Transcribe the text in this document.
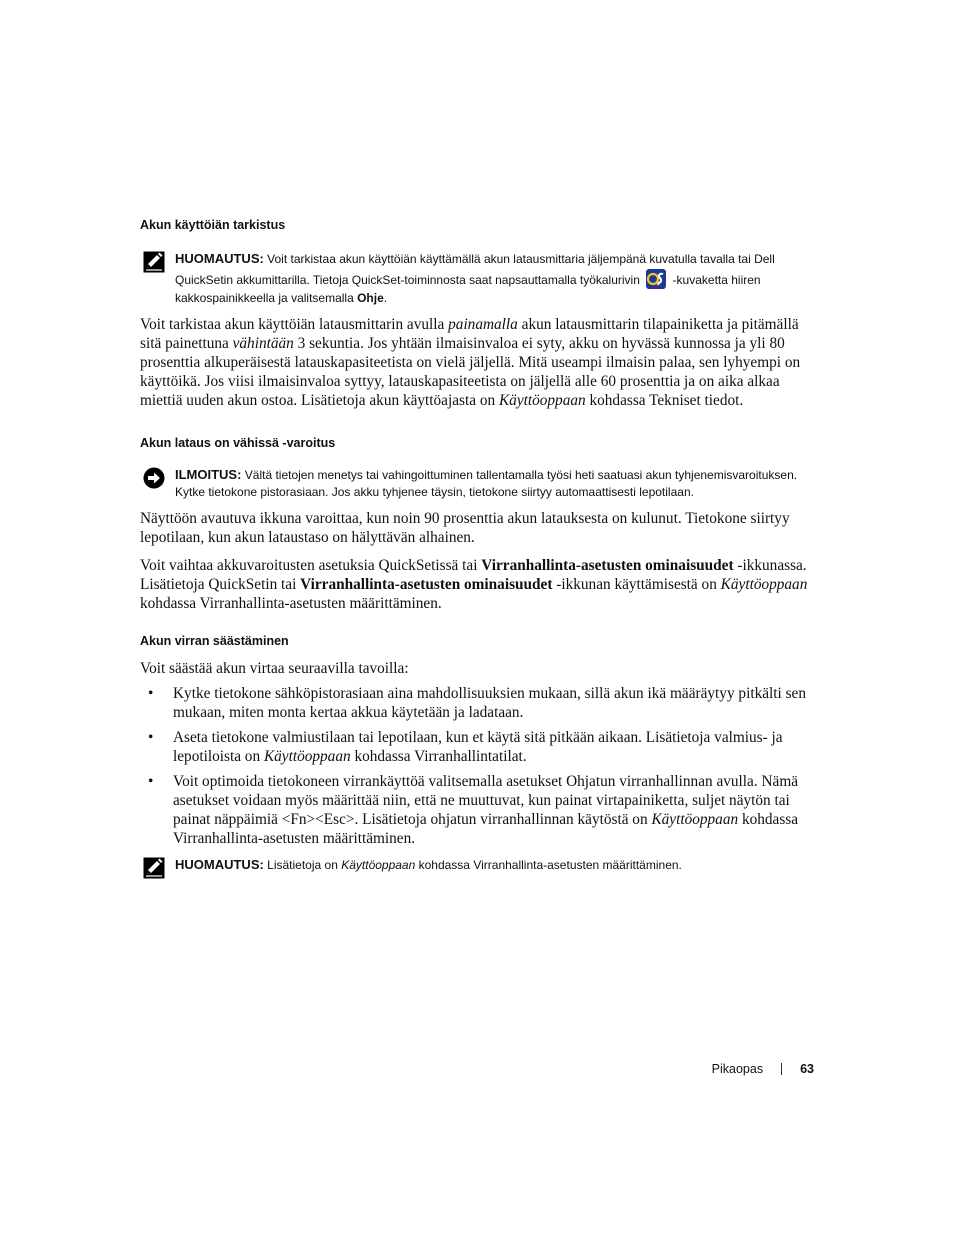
Akun käyttöiän tarkistus
HUOMAUTUS: Voit tarkistaa akun käyttöiän käyttämällä akun latausmittaria jäljempänä kuvatulla tavalla tai Dell QuickSetin akkumittarilla. Tietoja QuickSet-toiminnosta saat napsauttamalla työkalurivin  -kuvaketta hiiren kakkospainikkeella ja valitsemalla Ohje.

Voit tarkistaa akun käyttöiän latausmittarin avulla painamalla akun latausmittarin tilapainiketta ja pitämällä sitä painettuna vähintään 3 sekuntia. Jos yhtään ilmaisinvaloa ei syty, akku on hyvässä kunnossa ja yli 80 prosenttia alkuperäisestä latauskapasiteetista on vielä jäljellä. Mitä useampi ilmaisin palaa, sen lyhyempi on käyttöikä. Jos viisi ilmaisinvaloa syttyy, latauskapasiteetista on jäljellä alle 60 prosenttia ja on aika alkaa miettiä uuden akun ostoa. Lisätietoja akun käyttöajasta on Käyttöoppaan kohdassa Tekniset tiedot.

Akun lataus on vähissä -varoitus
ILMOITUS: Vältä tietojen menetys tai vahingoittuminen tallentamalla työsi heti saatuasi akun tyhjenemisvaroituksen. Kytke tietokone pistorasiaan. Jos akku tyhjenee täysin, tietokone siirtyy automaattisesti lepotilaan.

Näyttöön avautuva ikkuna varoittaa, kun noin 90 prosenttia akun latauksesta on kulunut. Tietokone siirtyy lepotilaan, kun akun lataustaso on hälyttävän alhainen.

Voit vaihtaa akkuvaroitusten asetuksia QuickSetissä tai Virranhallinta-asetusten ominaisuudet -ikkunassa. Lisätietoja QuickSetin tai Virranhallinta-asetusten ominaisuudet -ikkunan käyttämisestä on Käyttöoppaan kohdassa Virranhallinta-asetusten määrittäminen.

Akun virran säästäminen

Voit säästää akun virtaa seuraavilla tavoilla:

• Kytke tietokone sähköpistorasiaan aina mahdollisuuksien mukaan, sillä akun ikä määräytyy pitkälti sen mukaan, miten monta kertaa akkua käytetään ja ladataan.
• Aseta tietokone valmiustilaan tai lepotilaan, kun et käytä sitä pitkään aikaan. Lisätietoja valmius- ja lepotiloista on Käyttöoppaan kohdassa Virranhallintatilat.
• Voit optimoida tietokoneen virrankäyttöä valitsemalla asetukset Ohjatun virranhallinnan avulla. Nämä asetukset voidaan myös määrittää niin, että ne muuttuvat, kun painat virtapainiketta, suljet näytön tai painat näppäimiä <Fn><Esc>. Lisätietoja ohjatun virranhallinnan käytöstä on Käyttöoppaan kohdassa Virranhallinta-asetusten määrittäminen.
HUOMAUTUS: Lisätietoja on Käyttöoppaan kohdassa Virranhallinta-asetusten määrittäminen.
Pikaopas	63
